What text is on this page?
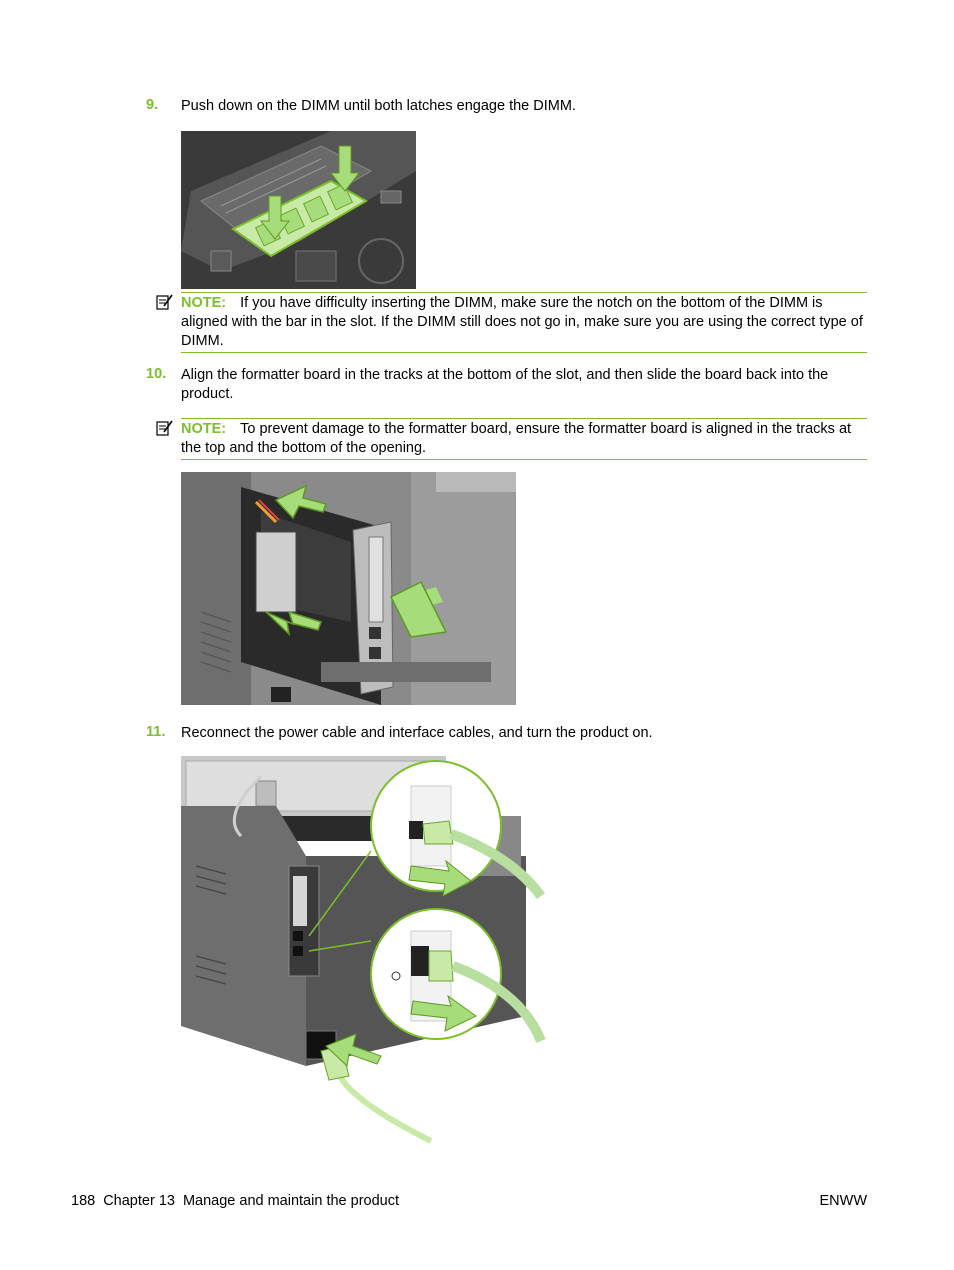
9. Push down on the DIMM until both latches engage the DIMM.
NOTE: If you have difficulty inserting the DIMM, make sure the notch on the bottom of the DIMM is aligned with the bar in the slot. If the DIMM still does not go in, make sure you are using the correct type of DIMM.
10. Align the formatter board in the tracks at the bottom of the slot, and then slide the board back into the product.
NOTE: To prevent damage to the formatter board, ensure the formatter board is aligned in the tracks at the top and the bottom of the opening.
11. Reconnect the power cable and interface cables, and turn the product on.
188 Chapter 13 Manage and maintain the product	ENWW
